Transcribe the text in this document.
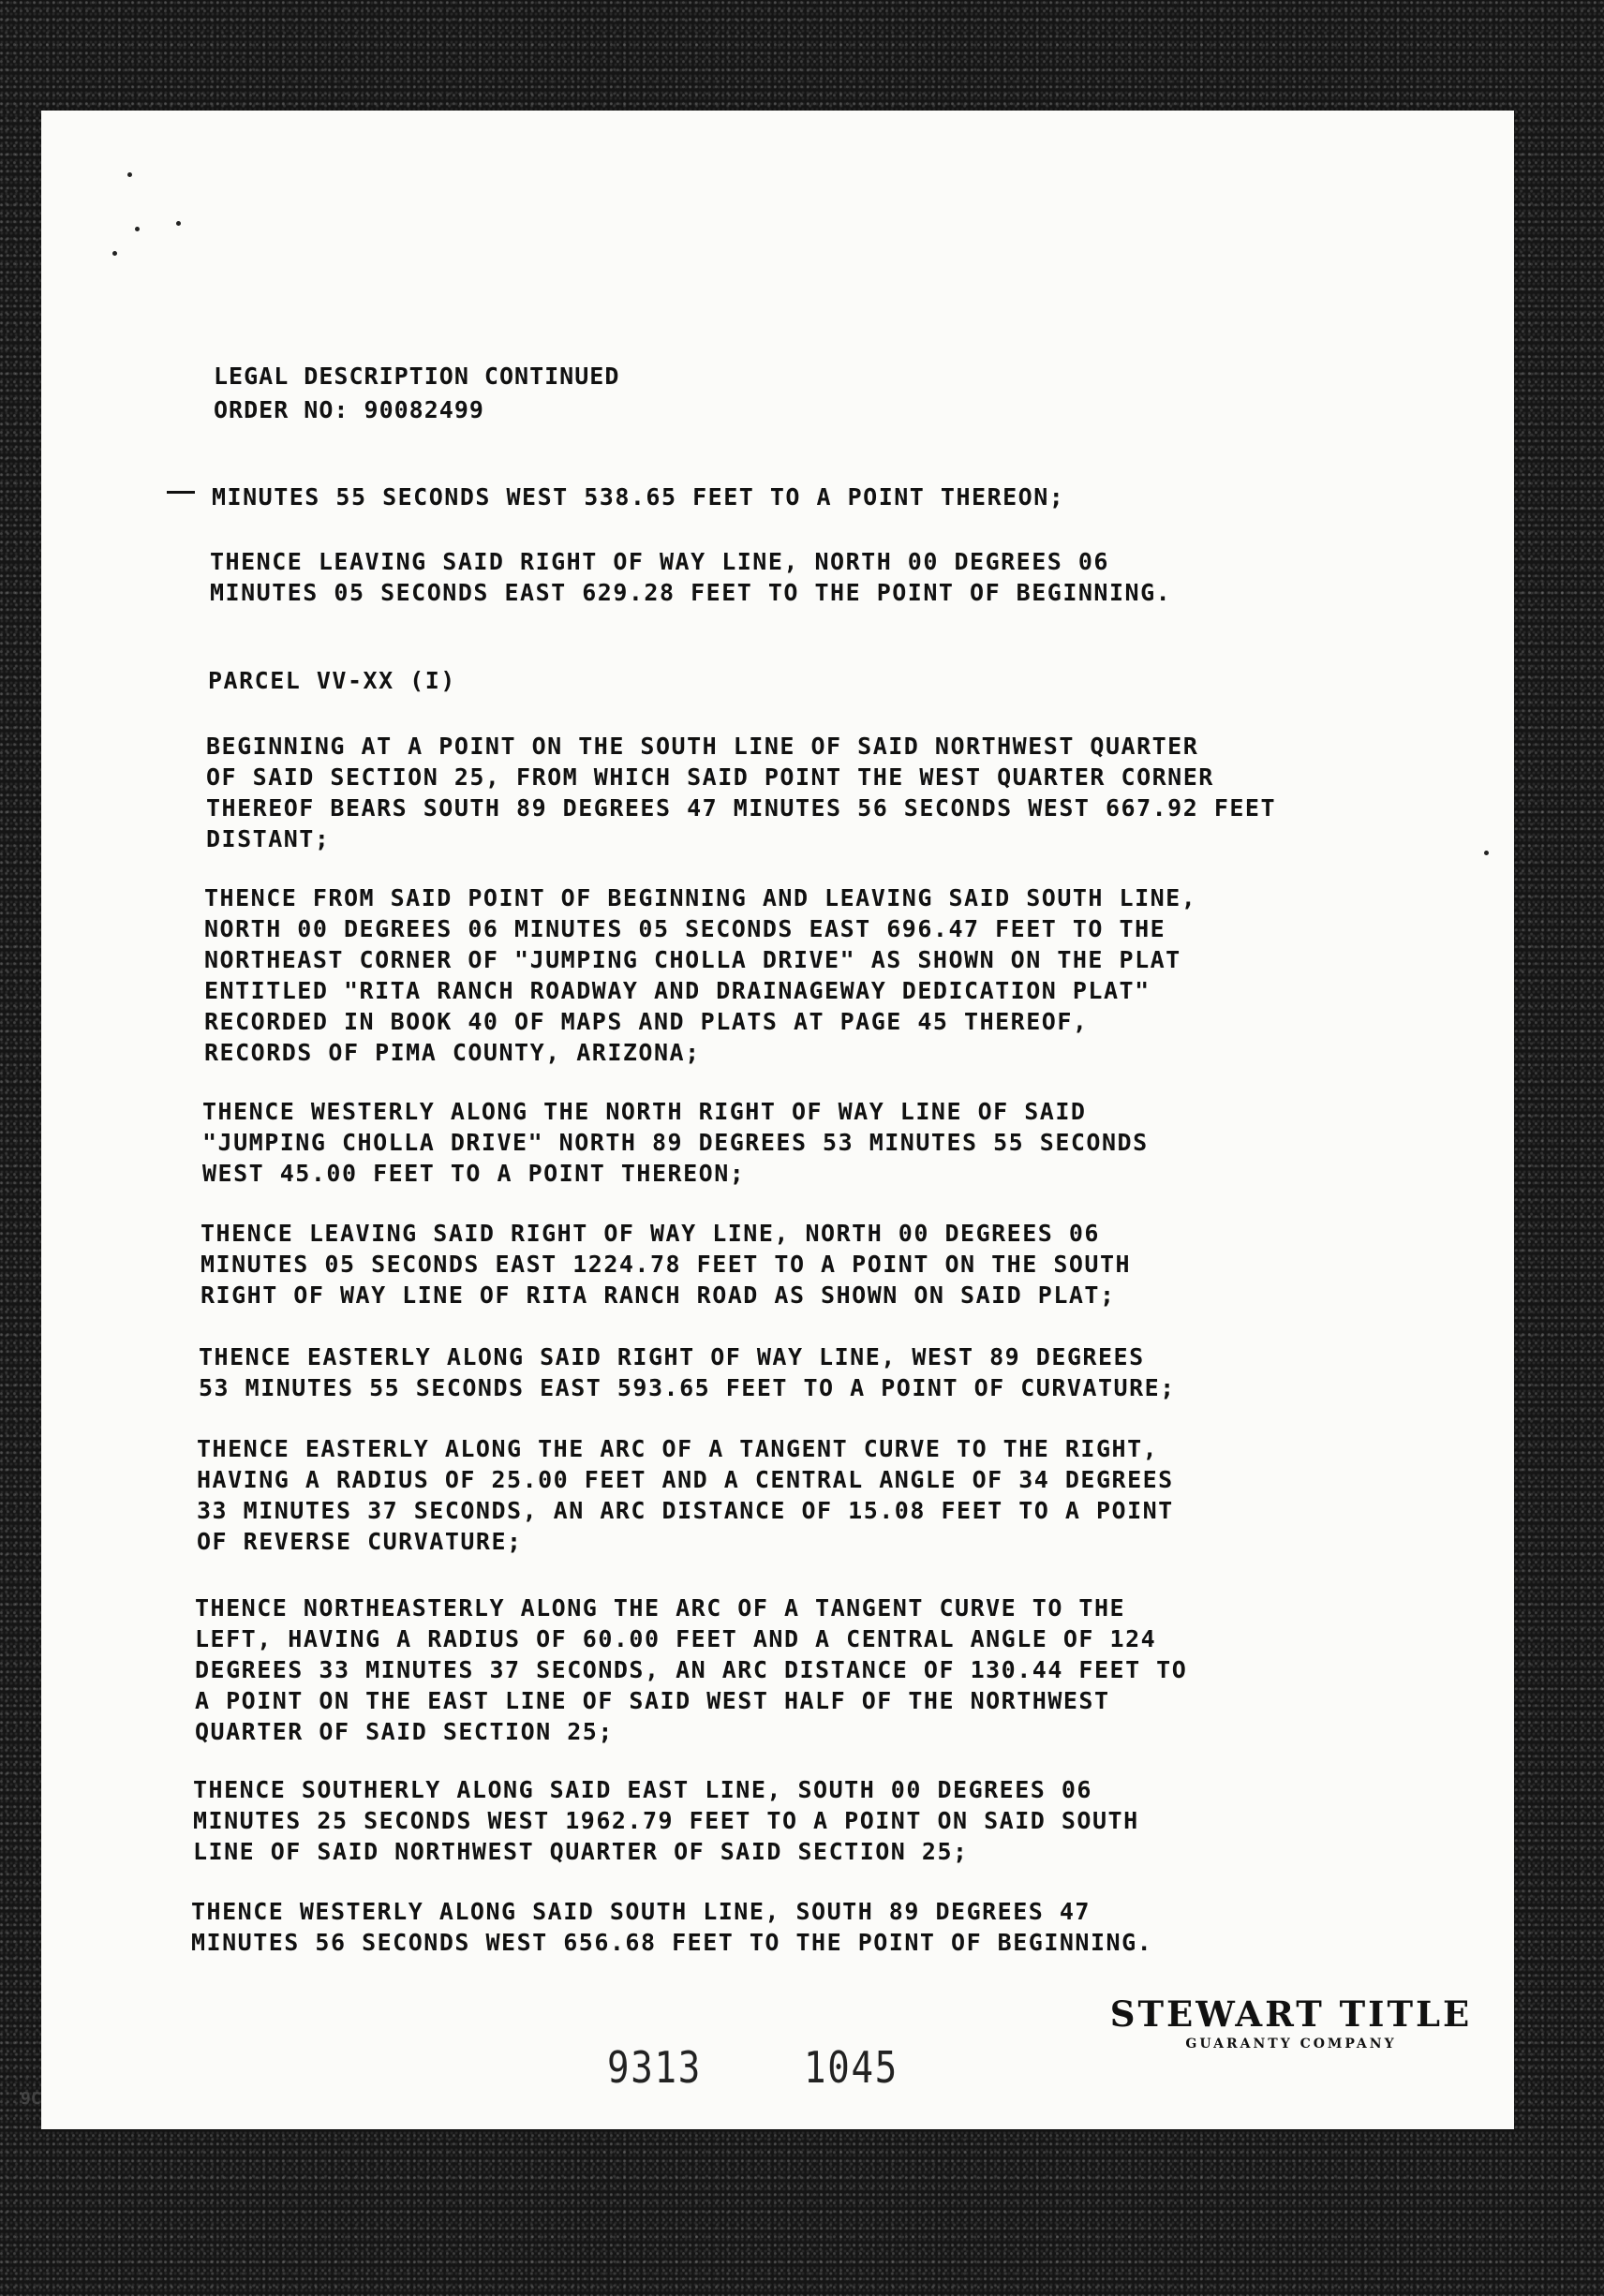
LEGAL DESCRIPTION CONTINUED
ORDER NO: 90082499
MINUTES 55 SECONDS WEST 538.65 FEET TO A POINT THEREON;
THENCE LEAVING SAID RIGHT OF WAY LINE, NORTH 00 DEGREES 06
MINUTES 05 SECONDS EAST 629.28 FEET TO THE POINT OF BEGINNING.
PARCEL VV-XX (I)
BEGINNING AT A POINT ON THE SOUTH LINE OF SAID NORTHWEST QUARTER
OF SAID SECTION 25, FROM WHICH SAID POINT THE WEST QUARTER CORNER
THEREOF BEARS SOUTH 89 DEGREES 47 MINUTES 56 SECONDS WEST 667.92 FEET
DISTANT;
THENCE FROM SAID POINT OF BEGINNING AND LEAVING SAID SOUTH LINE,
NORTH 00 DEGREES 06 MINUTES 05 SECONDS EAST 696.47 FEET TO THE
NORTHEAST CORNER OF "JUMPING CHOLLA DRIVE" AS SHOWN ON THE PLAT
ENTITLED "RITA RANCH ROADWAY AND DRAINAGEWAY DEDICATION PLAT"
RECORDED IN BOOK 40 OF MAPS AND PLATS AT PAGE 45 THEREOF,
RECORDS OF PIMA COUNTY, ARIZONA;
THENCE WESTERLY ALONG THE NORTH RIGHT OF WAY LINE OF SAID
"JUMPING CHOLLA DRIVE" NORTH 89 DEGREES 53 MINUTES 55 SECONDS
WEST 45.00 FEET TO A POINT THEREON;
THENCE LEAVING SAID RIGHT OF WAY LINE, NORTH 00 DEGREES 06
MINUTES 05 SECONDS EAST 1224.78 FEET TO A POINT ON THE SOUTH
RIGHT OF WAY LINE OF RITA RANCH ROAD AS SHOWN ON SAID PLAT;
THENCE EASTERLY ALONG SAID RIGHT OF WAY LINE, WEST 89 DEGREES
53 MINUTES 55 SECONDS EAST 593.65 FEET TO A POINT OF CURVATURE;
THENCE EASTERLY ALONG THE ARC OF A TANGENT CURVE TO THE RIGHT,
HAVING A RADIUS OF 25.00 FEET AND A CENTRAL ANGLE OF 34 DEGREES
33 MINUTES 37 SECONDS, AN ARC DISTANCE OF 15.08 FEET TO A POINT
OF REVERSE CURVATURE;
THENCE NORTHEASTERLY ALONG THE ARC OF A TANGENT CURVE TO THE
LEFT, HAVING A RADIUS OF 60.00 FEET AND A CENTRAL ANGLE OF 124
DEGREES 33 MINUTES 37 SECONDS, AN ARC DISTANCE OF 130.44 FEET TO
A POINT ON THE EAST LINE OF SAID WEST HALF OF THE NORTHWEST
QUARTER OF SAID SECTION 25;
THENCE SOUTHERLY ALONG SAID EAST LINE, SOUTH 00 DEGREES 06
MINUTES 25 SECONDS WEST 1962.79 FEET TO A POINT ON SAID SOUTH
LINE OF SAID NORTHWEST QUARTER OF SAID SECTION 25;
THENCE WESTERLY ALONG SAID SOUTH LINE, SOUTH 89 DEGREES 47
MINUTES 56 SECONDS WEST 656.68 FEET TO THE POINT OF BEGINNING.
STEWART TITLE
GUARANTY COMPANY
9313 1045
9C
